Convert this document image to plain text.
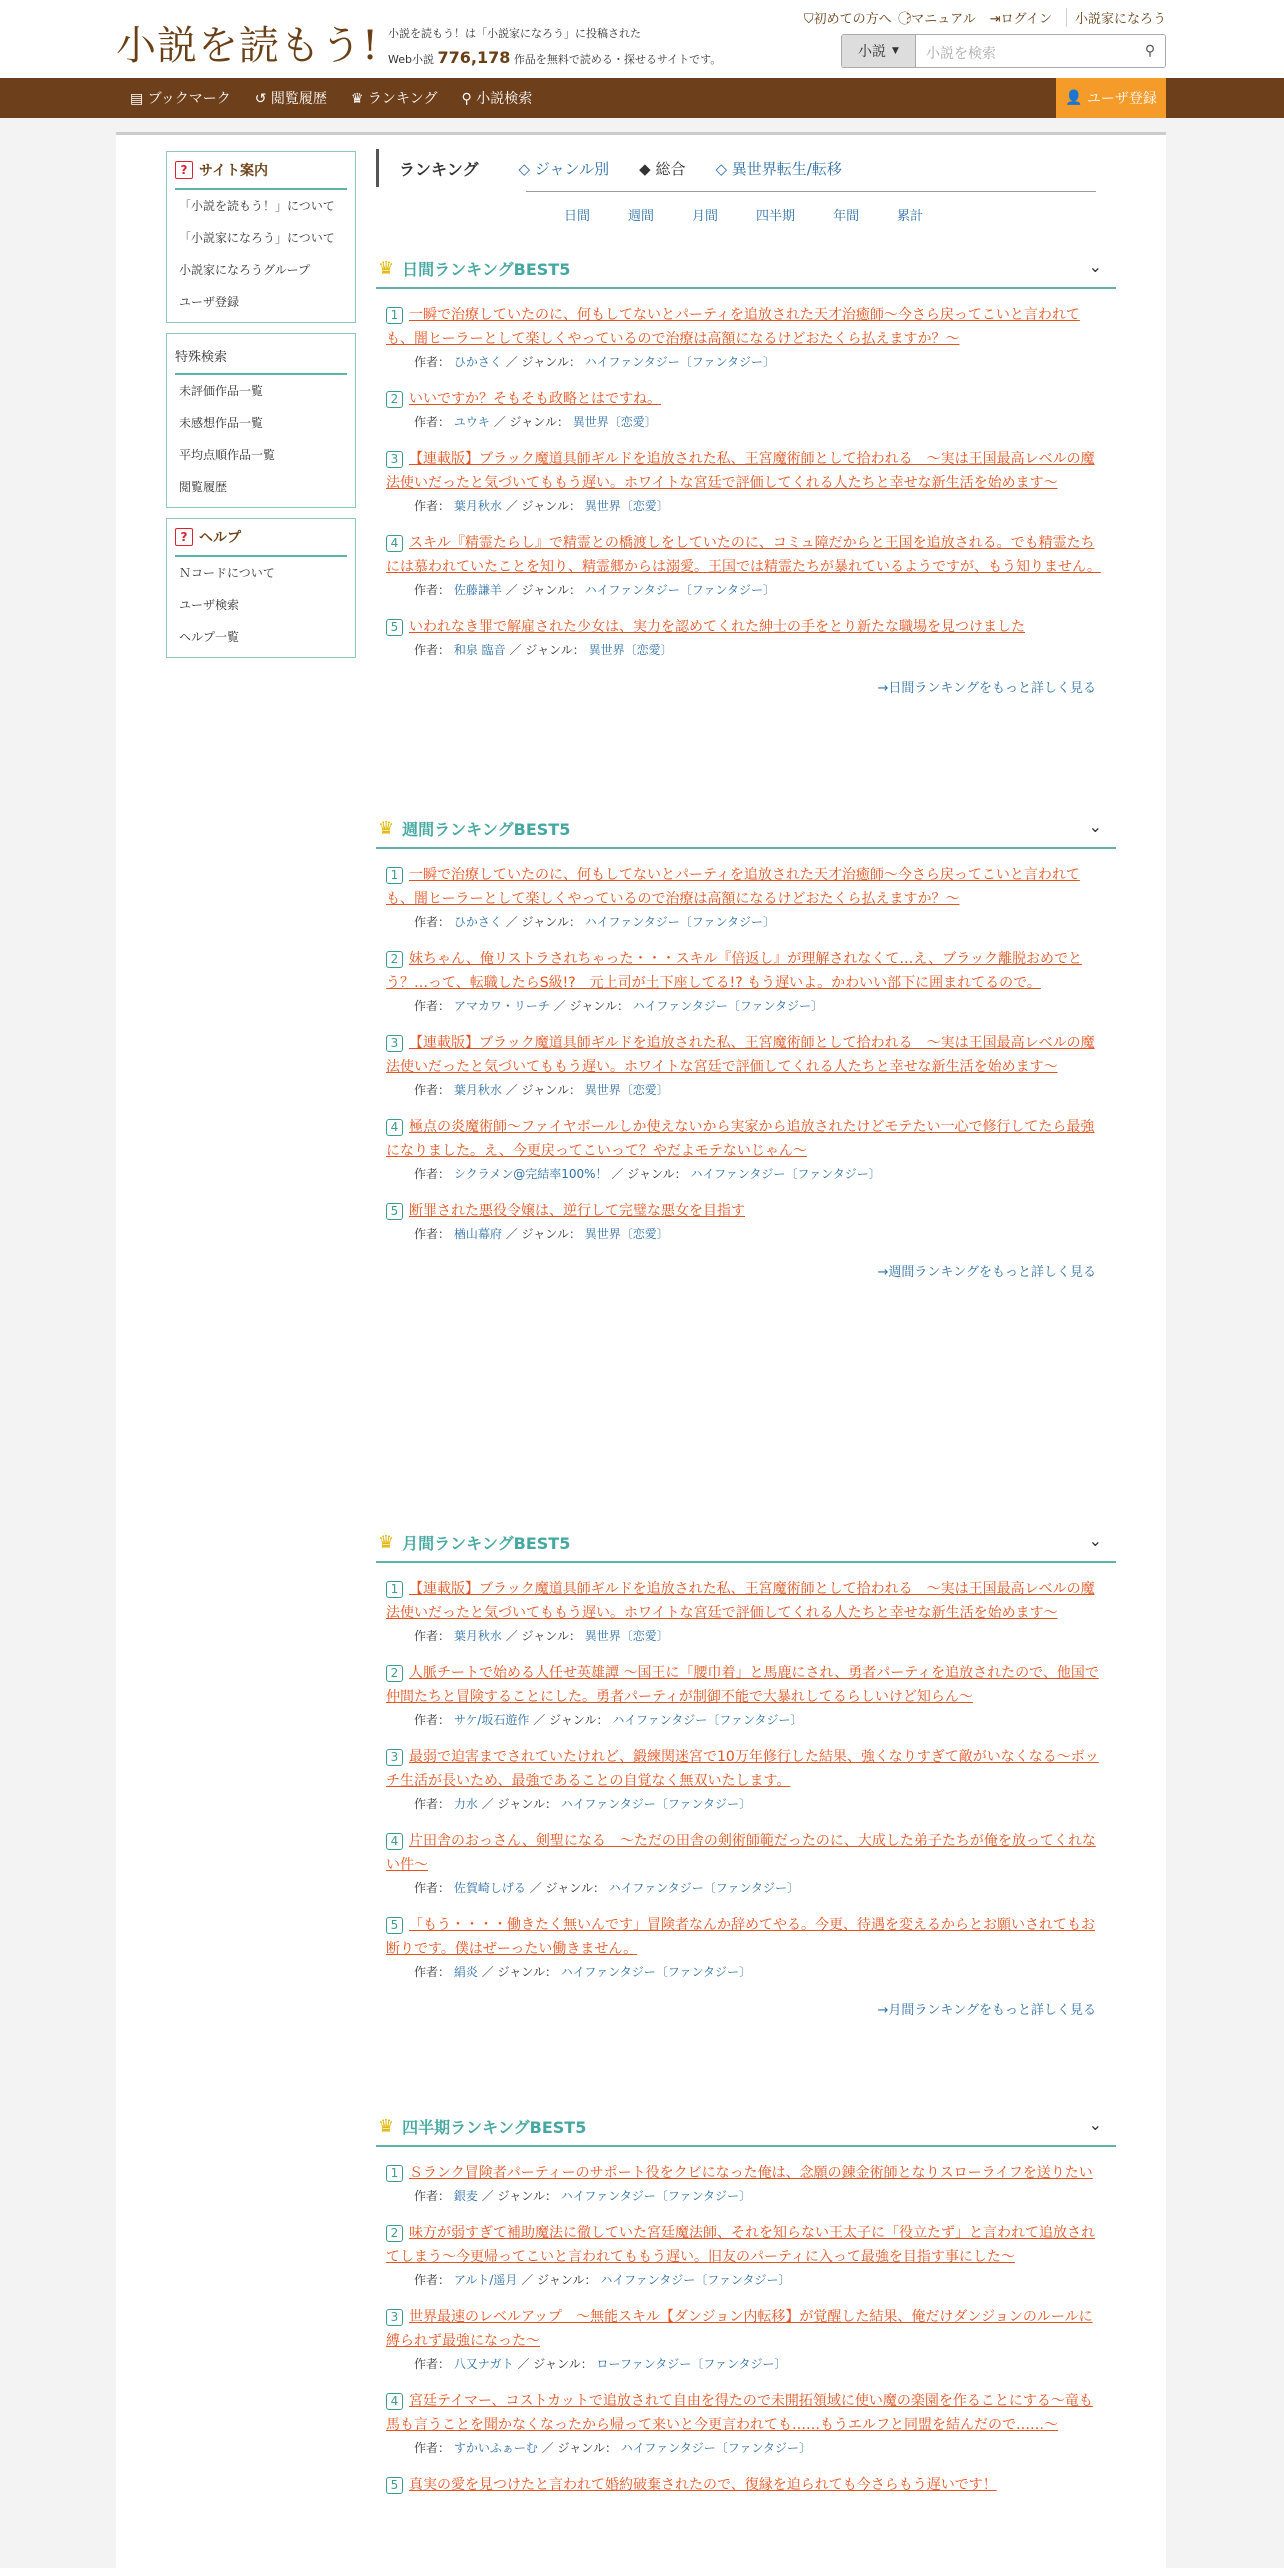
小説を読もう! 小説を読もう！は「小説家になろう」に投稿された
Web小説 776,178 作品を無料で読める・探せるサイトです。
⛉初めての方へ ?⃝マニュアル ⇥ログイン	小説家になろう
小説 ▼	小説を検索	⚲
▤ ブックマーク ↺ 閲覧履歴 ♛ ランキング ⚲ 小説検索	👤 ユーザ登録
? サイト案内
「小説を読もう！」について
「小説家になろう」について
小説家になろうグループ
ユーザ登録
特殊検索
未評価作品一覧
未感想作品一覧
平均点順作品一覧
閲覧履歴
? ヘルプ
Ｎコードについて
ユーザ検索
ヘルプ一覧
ランキング	◇ ジャンル別 ◆ 総合 ◇ 異世界転生/転移
日間	週間	月間	四半期	年間	累計
♛ 日間ランキングBEST5	⌄
1 一瞬で治療していたのに、何もしてないとパーティを追放された天才治癒師～今さら戻ってこいと言われても、闇ヒーラーとして楽しくやっているので治療は高額になるけどおたくら払えますか？～
作者： ひかさく ／ ジャンル： ハイファンタジー〔ファンタジー〕
2 いいですか？そもそも政略とはですね。
作者： ユウキ ／ ジャンル： 異世界〔恋愛〕
3 【連載版】ブラック魔道具師ギルドを追放された私、王宮魔術師として拾われる　～実は王国最高レベルの魔法使いだったと気づいてももう遅い。ホワイトな宮廷で評価してくれる人たちと幸せな新生活を始めます～
作者： 葉月秋水 ／ ジャンル： 異世界〔恋愛〕
4 スキル『精霊たらし』で精霊との橋渡しをしていたのに、コミュ障だからと王国を追放される。でも精霊たちには慕われていたことを知り、精霊郷からは溺愛。王国では精霊たちが暴れているようですが、もう知りません。
作者： 佐藤謙羊 ／ ジャンル： ハイファンタジー〔ファンタジー〕
5 いわれなき罪で解雇された少女は、実力を認めてくれた紳士の手をとり新たな職場を見つけました
作者： 和泉 臨音 ／ ジャンル： 異世界〔恋愛〕
→日間ランキングをもっと詳しく見る
♛ 週間ランキングBEST5	⌄
1 一瞬で治療していたのに、何もしてないとパーティを追放された天才治癒師～今さら戻ってこいと言われても、闇ヒーラーとして楽しくやっているので治療は高額になるけどおたくら払えますか？～
作者： ひかさく ／ ジャンル： ハイファンタジー〔ファンタジー〕
2 妹ちゃん、俺リストラされちゃった・・・スキル『倍返し』が理解されなくて…え、ブラック離脱おめでとう？…って、転職したらS級!?　元上司が土下座してる!? もう遅いよ。かわいい部下に囲まれてるので。
作者： アマカワ・リーチ ／ ジャンル： ハイファンタジー〔ファンタジー〕
3 【連載版】ブラック魔道具師ギルドを追放された私、王宮魔術師として拾われる　～実は王国最高レベルの魔法使いだったと気づいてももう遅い。ホワイトな宮廷で評価してくれる人たちと幸せな新生活を始めます～
作者： 葉月秋水 ／ ジャンル： 異世界〔恋愛〕
4 極点の炎魔術師～ファイヤボールしか使えないから実家から追放されたけどモテたい一心で修行してたら最強になりました。え、今更戻ってこいって？やだよモテないじゃん～
作者： シクラメン@完結率100%！ ／ ジャンル： ハイファンタジー〔ファンタジー〕
5 断罪された悪役令嬢は、逆行して完璧な悪女を目指す
作者： 楢山幕府 ／ ジャンル： 異世界〔恋愛〕
→週間ランキングをもっと詳しく見る
♛ 月間ランキングBEST5	⌄
1 【連載版】ブラック魔道具師ギルドを追放された私、王宮魔術師として拾われる　～実は王国最高レベルの魔法使いだったと気づいてももう遅い。ホワイトな宮廷で評価してくれる人たちと幸せな新生活を始めます～
作者： 葉月秋水 ／ ジャンル： 異世界〔恋愛〕
2 人脈チートで始める人任せ英雄譚 ～国王に「腰巾着」と馬鹿にされ、勇者パーティを追放されたので、他国で仲間たちと冒険することにした。勇者パーティが制御不能で大暴れしてるらしいけど知らん～
作者： サケ/坂石遊作 ／ ジャンル： ハイファンタジー〔ファンタジー〕
3 最弱で迫害までされていたけれど、鍛練関迷宮で10万年修行した結果、強くなりすぎて敵がいなくなる～ボッチ生活が長いため、最強であることの自覚なく無双いたします。
作者： 力水 ／ ジャンル： ハイファンタジー〔ファンタジー〕
4 片田舎のおっさん、剣聖になる　～ただの田舎の剣術師範だったのに、大成した弟子たちが俺を放ってくれない件～
作者： 佐賀崎しげる ／ ジャンル： ハイファンタジー〔ファンタジー〕
5 「もう・・・・働きたく無いんです」冒険者なんか辞めてやる。今更、待遇を変えるからとお願いされてもお断りです。僕はぜーったい働きません。
作者： 絹炎 ／ ジャンル： ハイファンタジー〔ファンタジー〕
→月間ランキングをもっと詳しく見る
♛ 四半期ランキングBEST5	⌄
1 Ｓランク冒険者パーティーのサポート役をクビになった俺は、念願の錬金術師となりスローライフを送りたい
作者： 銀麦 ／ ジャンル： ハイファンタジー〔ファンタジー〕
2 味方が弱すぎて補助魔法に徹していた宮廷魔法師、それを知らない王太子に「役立たず」と言われて追放されてしまう～今更帰ってこいと言われてももう遅い。旧友のパーティに入って最強を目指す事にした～
作者： アルト/遥月 ／ ジャンル： ハイファンタジー〔ファンタジー〕
3 世界最速のレベルアップ　～無能スキル【ダンジョン内転移】が覚醒した結果、俺だけダンジョンのルールに縛られず最強になった～
作者： 八又ナガト ／ ジャンル： ローファンタジー〔ファンタジー〕
4 宮廷テイマー、コストカットで追放されて自由を得たので未開拓領域に使い魔の楽園を作ることにする～竜も馬も言うことを聞かなくなったから帰って来いと今更言われても……もうエルフと同盟を結んだので……～
作者： すかいふぁーむ ／ ジャンル： ハイファンタジー〔ファンタジー〕
5 真実の愛を見つけたと言われて婚約破棄されたので、復縁を迫られても今さらもう遅いです！
